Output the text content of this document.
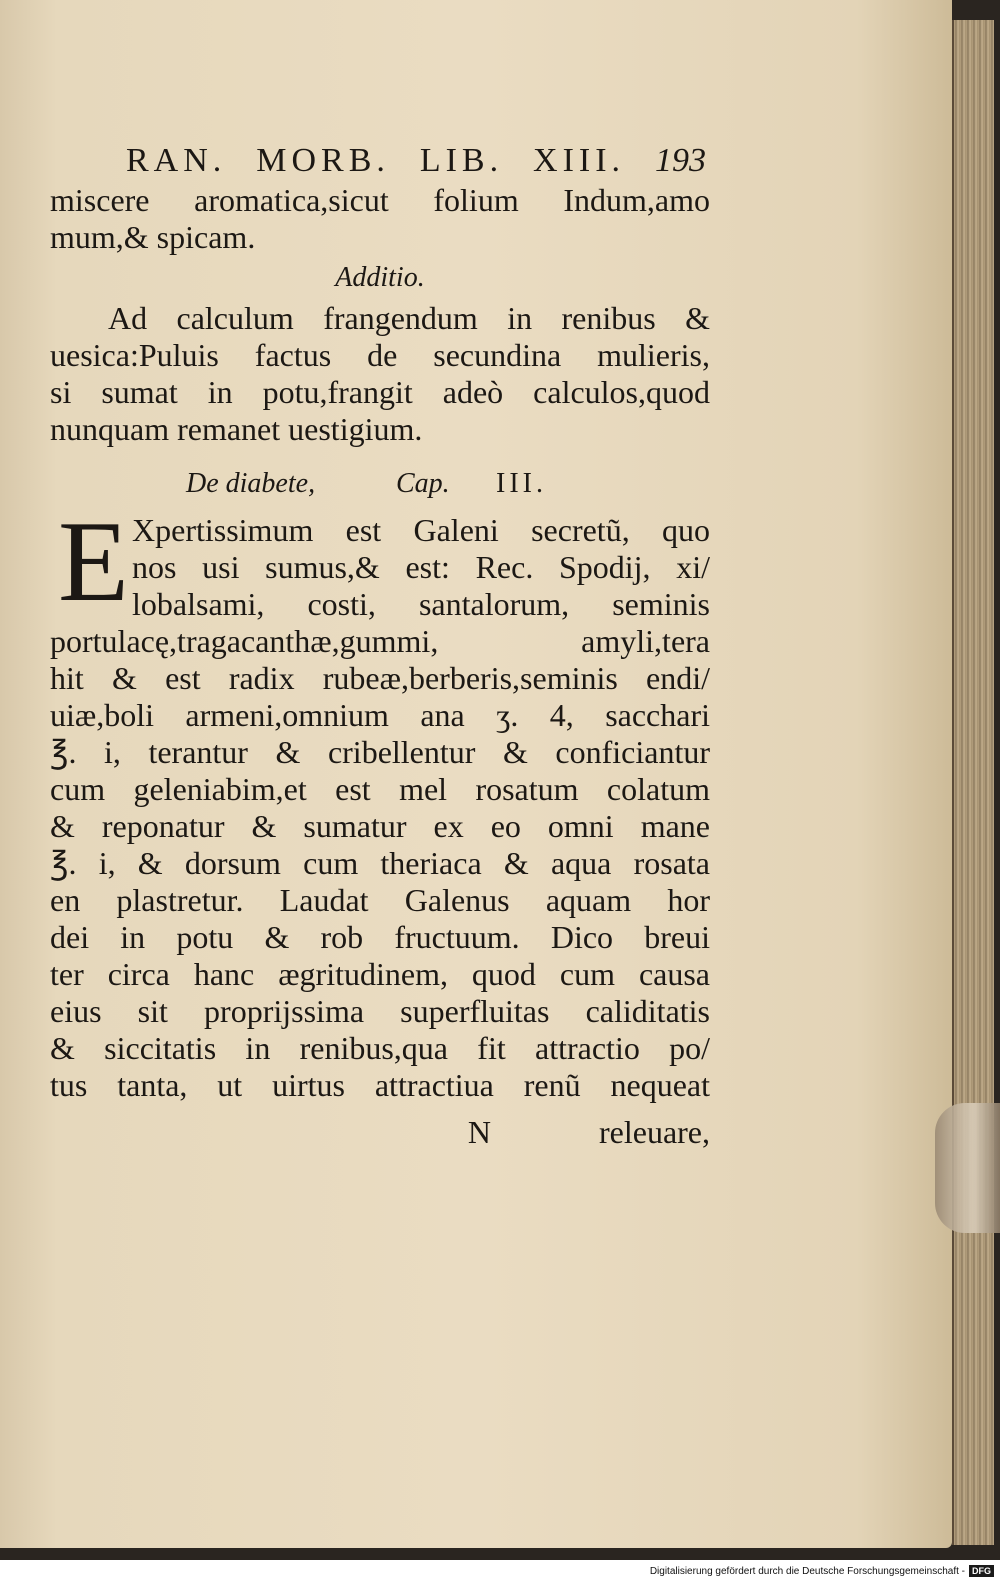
RAN. MORB. LIB. XIII. 193
miscere aromatica,sicut folium Indum,amo
mum,& spicam.
Additio.
Ad calculum frangendum in renibus &
uesica:Puluis factus de secundina mulieris,
si sumat in potu,frangit adeò calculos,quod
nunquam remanet uestigium.
De diabete,	Cap.	III.
E Xpertissimum est Galeni secretũ, quo
nos usi sumus,& est: Rec. Spodij, xi/
lobalsami, costi, santalorum, seminis
portulacę,tragacanthæ,gummi, amyli,tera
hit & est radix rubeæ,berberis,seminis endi/
uiæ,boli armeni,omnium ana ʒ. 4, sacchari
℥. i, terantur & cribellentur & conficiantur
cum geleniabim,et est mel rosatum colatum
& reponatur & sumatur ex eo omni mane
℥. i, & dorsum cum theriaca & aqua rosata
en plastretur. Laudat Galenus aquam hor
dei in potu & rob fructuum. Dico breui
ter circa hanc ægritudinem, quod cum causa
eius sit proprijssima superfluitas caliditatis
& siccitatis in renibus,qua fit attractio po/
tus tanta, ut uirtus attractiua renũ nequeat
N	releuare,
Digitalisierung gefördert durch die Deutsche Forschungsgemeinschaft - DFG
